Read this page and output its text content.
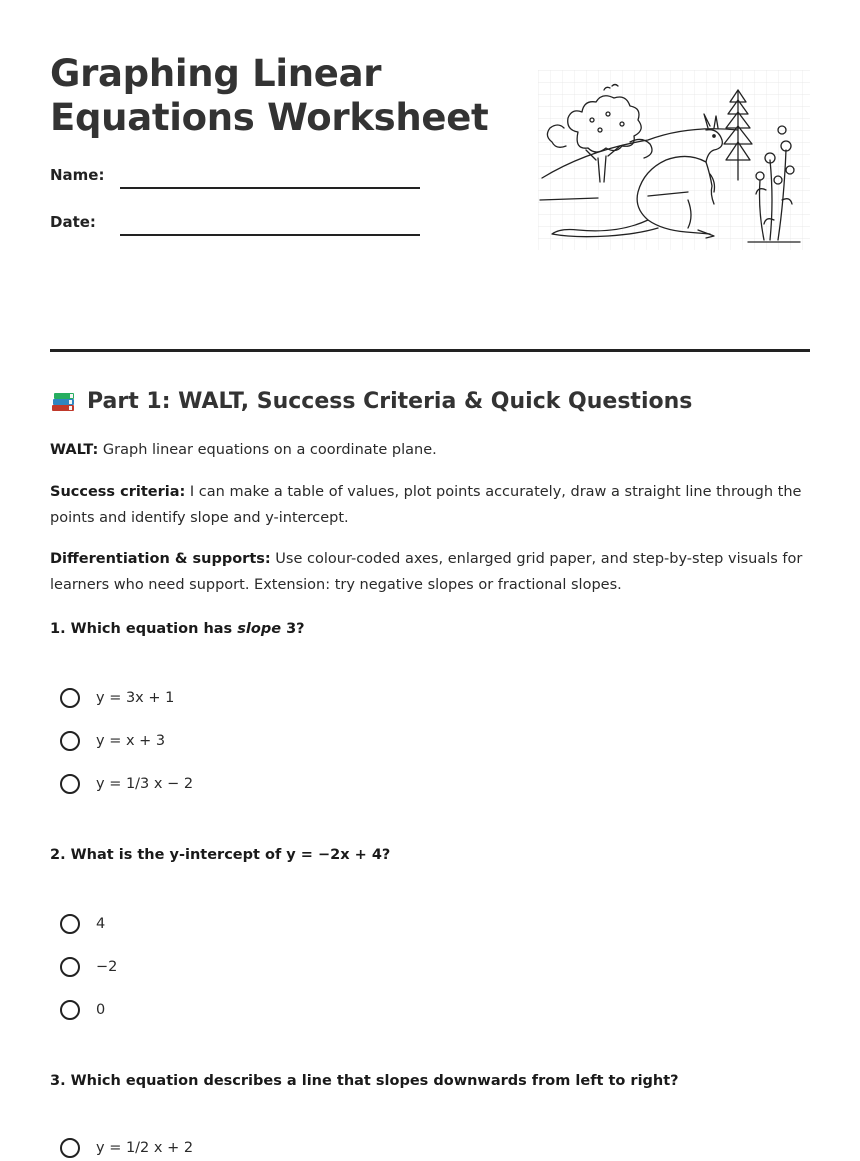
Graphing Linear
Equations Worksheet
Name:
Date:
Part 1: WALT, Success Criteria & Quick Questions

WALT: Graph linear equations on a coordinate plane.

Success criteria: I can make a table of values, plot points accurately, draw a straight line through the points and identify slope and y-intercept.

Differentiation & supports: Use colour-coded axes, enlarged grid paper, and step-by-step visuals for learners who need support. Extension: try negative slopes or fractional slopes.

1. Which equation has slope 3?

y = 3x + 1
y = x + 3
y = 1/3 x − 2

2. What is the y-intercept of y = −2x + 4?

4
−2
0

3. Which equation describes a line that slopes downwards from left to right?

y = 1/2 x + 2
